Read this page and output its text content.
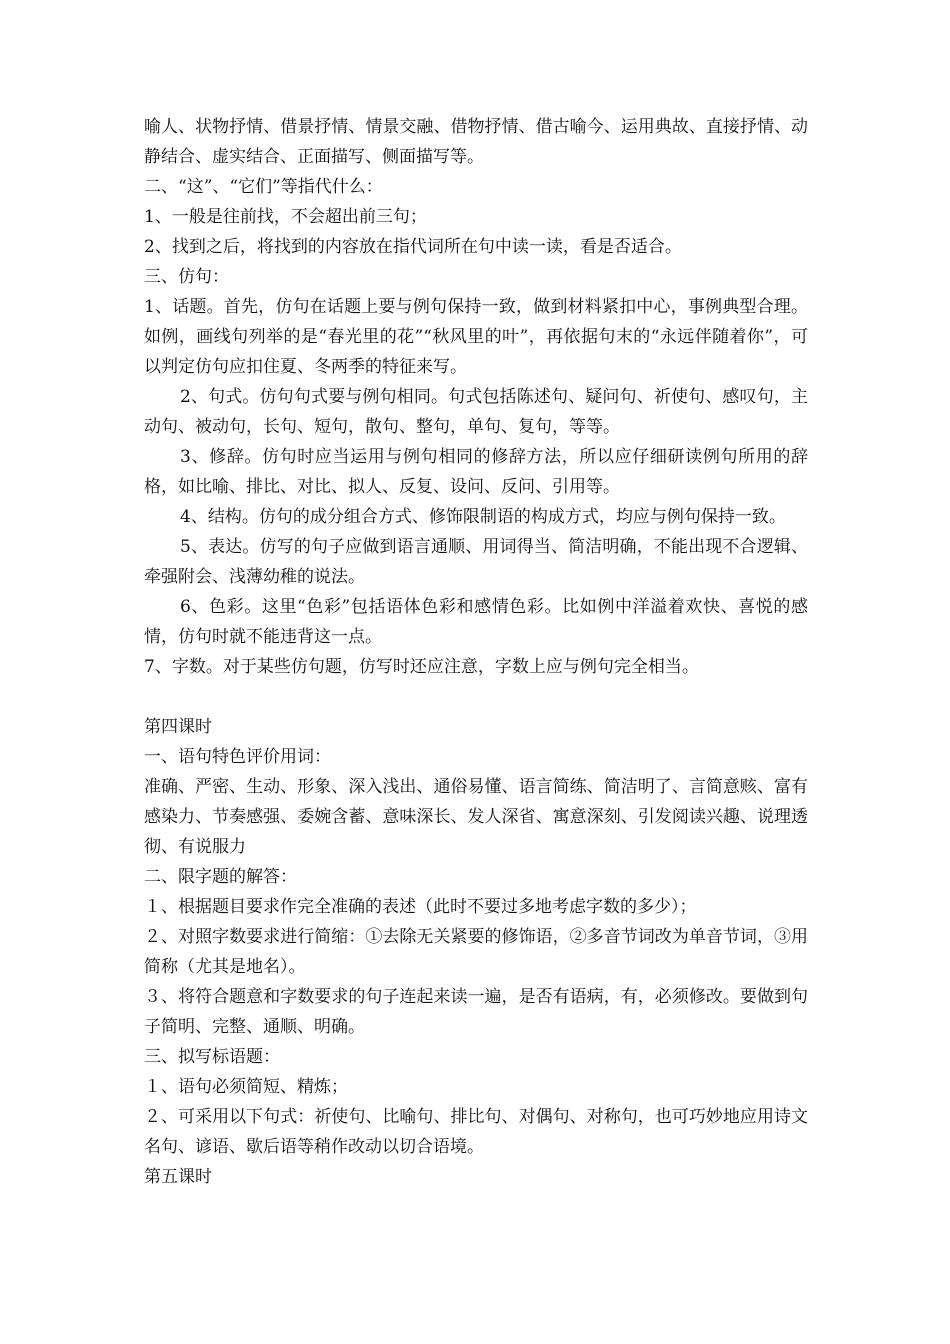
喻人、状物抒情、借景抒情、情景交融、借物抒情、借古喻今、运用典故、直接抒情、动静结合、虚实结合、正面描写、侧面描写等。

二、“这”、“它们”等指代什么：

1、一般是往前找，不会超出前三句；

2、找到之后，将找到的内容放在指代词所在句中读一读，看是否适合。

三、仿句：

1、话题。首先，仿句在话题上要与例句保持一致，做到材料紧扣中心，事例典型合理。如例，画线句列举的是“春光里的花”“秋风里的叶”，再依据句末的“永远伴随着你”，可以判定仿句应扣住夏、冬两季的特征来写。

2、句式。仿句句式要与例句相同。句式包括陈述句、疑问句、祈使句、感叹句，主动句、被动句，长句、短句，散句、整句，单句、复句，等等。

3、修辞。仿句时应当运用与例句相同的修辞方法，所以应仔细研读例句所用的辞格，如比喻、排比、对比、拟人、反复、设问、反问、引用等。

4、结构。仿句的成分组合方式、修饰限制语的构成方式，均应与例句保持一致。

5、表达。仿写的句子应做到语言通顺、用词得当、简洁明确，不能出现不合逻辑、牵强附会、浅薄幼稚的说法。

6、色彩。这里“色彩”包括语体色彩和感情色彩。比如例中洋溢着欢快、喜悦的感情，仿句时就不能违背这一点。

7、字数。对于某些仿句题，仿写时还应注意，字数上应与例句完全相当。

第四课时

一、语句特色评价用词：

准确、严密、生动、形象、深入浅出、通俗易懂、语言简练、简洁明了、言简意赅、富有感染力、节奏感强、委婉含蓄、意味深长、发人深省、寓意深刻、引发阅读兴趣、说理透彻、有说服力

二、限字题的解答：

１、根据题目要求作完全准确的表述（此时不要过多地考虑字数的多少）；

２、对照字数要求进行简缩：①去除无关紧要的修饰语，②多音节词改为单音节词，③用简称（尤其是地名）。

３、将符合题意和字数要求的句子连起来读一遍，是否有语病，有，必须修改。要做到句子简明、完整、通顺、明确。

三、拟写标语题：

１、语句必须简短、精炼；

２、可采用以下句式：祈使句、比喻句、排比句、对偶句、对称句，也可巧妙地应用诗文名句、谚语、歇后语等稍作改动以切合语境。

第五课时
